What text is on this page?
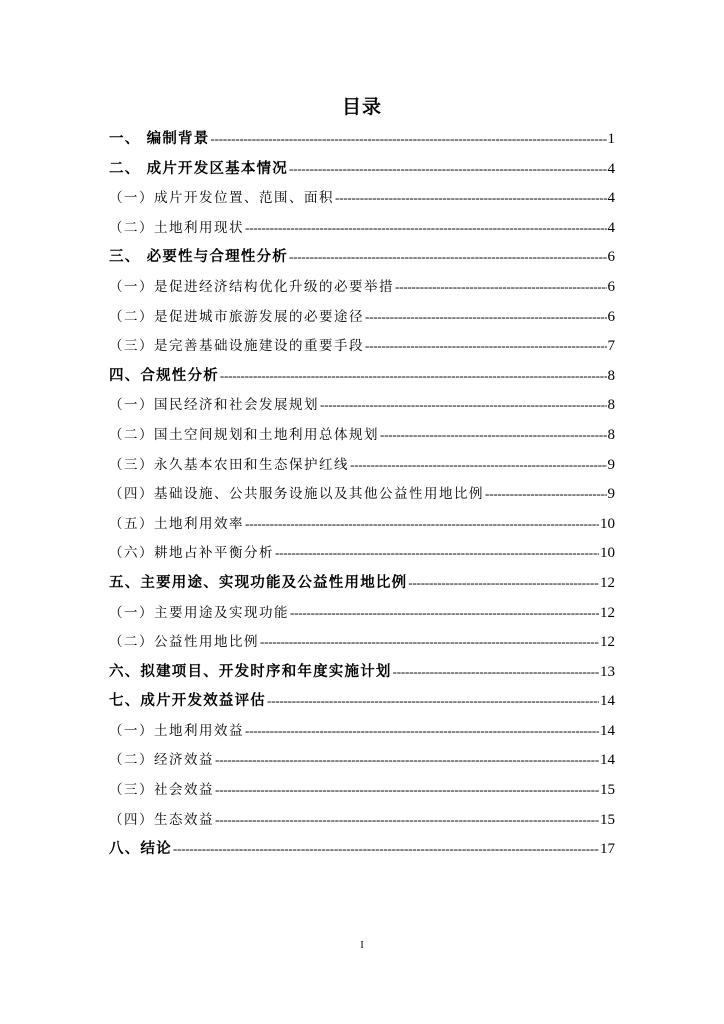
目录
一、 编制背景 -----	1
二、 成片开发区基本情况 -----	4
（一）成片开发位置、范围、面积 -----	4
（二）土地利用现状 -----	4
三、 必要性与合理性分析 -----	6
（一）是促进经济结构优化升级的必要举措 -----	6
（二）是促进城市旅游发展的必要途径 -----	6
（三）是完善基础设施建设的重要手段 -----	7
四、合规性分析 -----	8
（一）国民经济和社会发展规划 -----	8
（二）国土空间规划和土地利用总体规划 -----	8
（三）永久基本农田和生态保护红线 -----	9
（四）基础设施、公共服务设施以及其他公益性用地比例 -----	9
（五）土地利用效率 -----	10
（六）耕地占补平衡分析 -----	10
五、主要用途、实现功能及公益性用地比例 -----	12
（一）主要用途及实现功能 -----	12
（二）公益性用地比例 -----	12
六、拟建项目、开发时序和年度实施计划 -----	13
七、成片开发效益评估 -----	14
（一）土地利用效益 -----	14
（二）经济效益 -----	14
（三）社会效益 -----	15
（四）生态效益 -----	15
八、结论 -----	17
I
